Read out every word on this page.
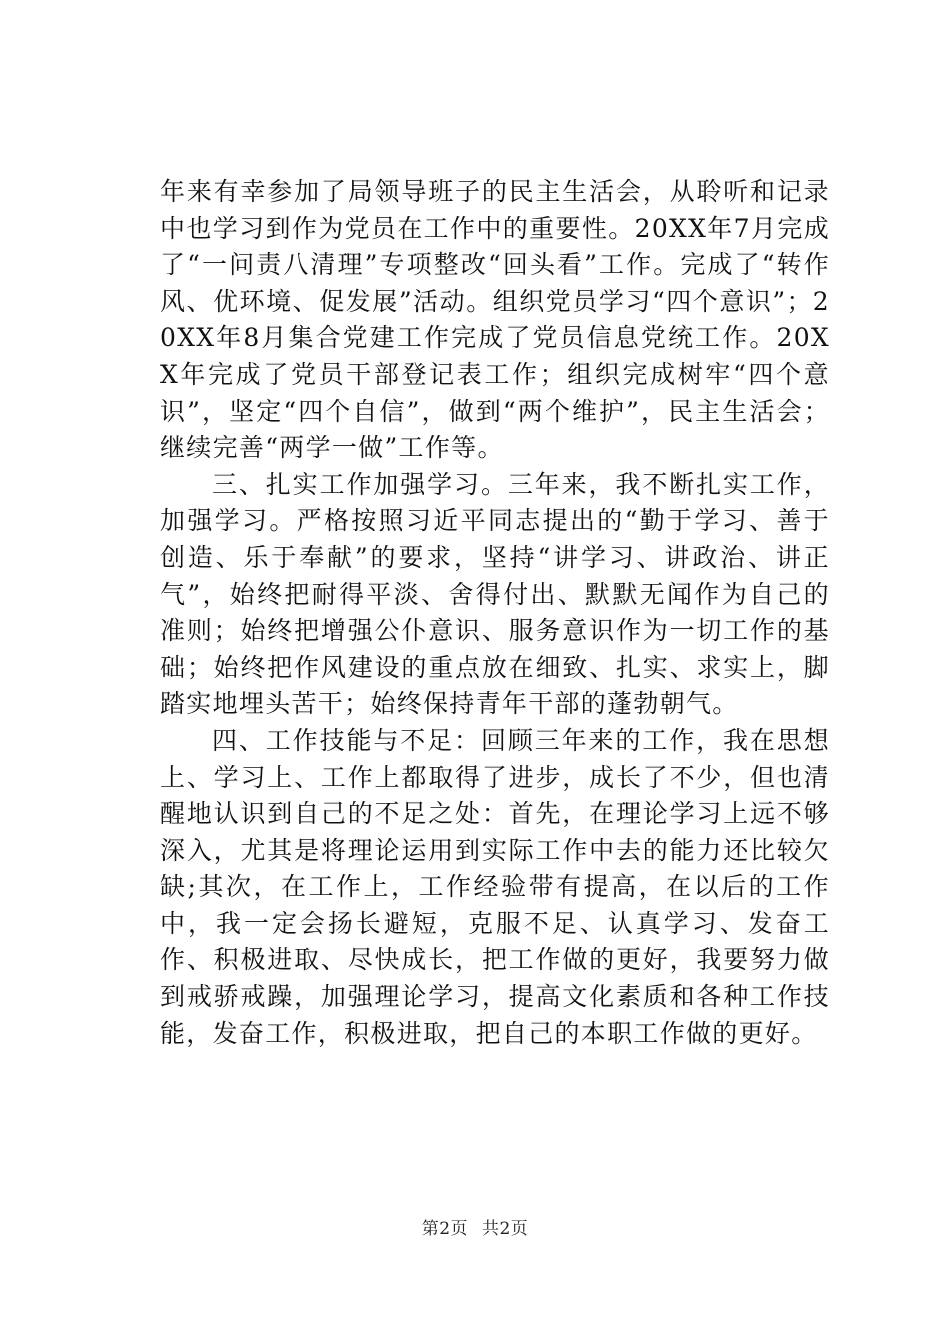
年来有幸参加了局领导班子的民主生活会，从聆听和记录中也学习到作为党员在工作中的重要性。20XX年7月完成了“一问责八清理”专项整改“回头看”工作。完成了“转作风、优环境、促发展”活动。组织党员学习“四个意识”；20XX年8月集合党建工作完成了党员信息党统工作。20XX年完成了党员干部登记表工作；组织完成树牢“四个意识”，坚定“四个自信”，做到“两个维护”，民主生活会；继续完善“两学一做”工作等。

三、扎实工作加强学习。三年来，我不断扎实工作，加强学习。严格按照习近平同志提出的“勤于学习、善于创造、乐于奉献”的要求，坚持“讲学习、讲政治、讲正气”，始终把耐得平淡、舍得付出、默默无闻作为自己的准则；始终把增强公仆意识、服务意识作为一切工作的基础；始终把作风建设的重点放在细致、扎实、求实上，脚踏实地埋头苦干；始终保持青年干部的蓬勃朝气。

四、工作技能与不足：回顾三年来的工作，我在思想上、学习上、工作上都取得了进步，成长了不少，但也清醒地认识到自己的不足之处：首先，在理论学习上远不够深入，尤其是将理论运用到实际工作中去的能力还比较欠缺;其次，在工作上，工作经验带有提高，在以后的工作中，我一定会扬长避短，克服不足、认真学习、发奋工作、积极进取、尽快成长，把工作做的更好，我要努力做到戒骄戒躁，加强理论学习，提高文化素质和各种工作技能，发奋工作，积极进取，把自己的本职工作做的更好。

第2页 共2页
